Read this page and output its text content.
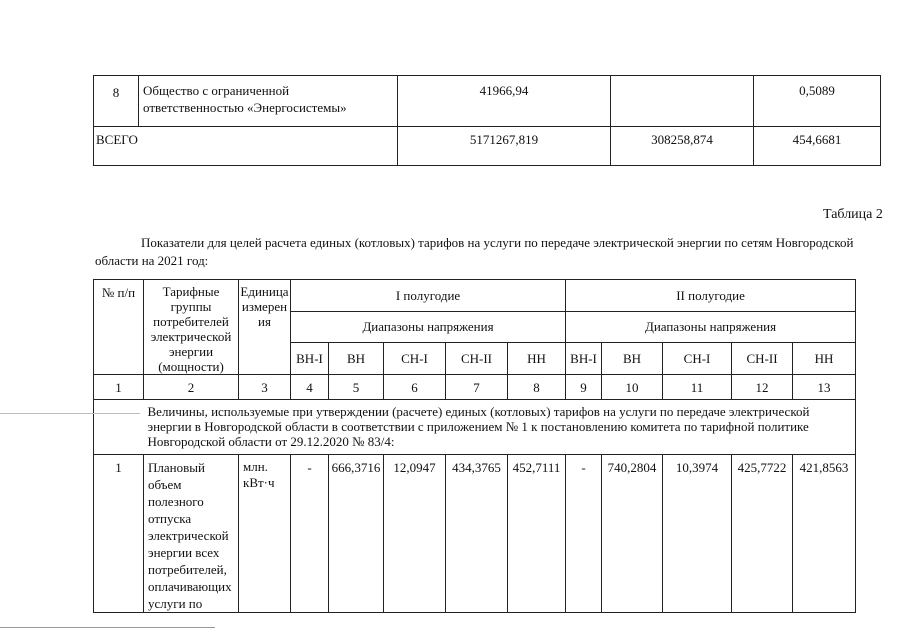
8	Общество с ограниченной
ответственностью «Энергосистемы»	41966,94		0,5089
ВСЕГО		5171267,819	308258,874	454,6681
Таблица 2
Показатели для целей расчета единых (котловых) тарифов на услуги по передаче электрической энергии по сетям Новгородской области на 2021 год:
№ п/п	Тарифные группы потребителей электрической энергии (мощности)	Единица измерения	I полугодие					II полугодие				
			Диапазоны напряжения					Диапазоны напряжения				
			ВН-I	ВН	СН-I	СН-II	НН	ВН-I	ВН	СН-I	СН-II	НН
1	2	3	4	5	6	7	8	9	10	11	12	13
	Величины, используемые при утверждении (расчете) единых (котловых) тарифов на услуги по передаче электрической энергии в Новгородской области в соответствии с приложением № 1 к постановлению комитета по тарифной политике Новгородской области от 29.12.2020 № 83/4:											
1	Плановый объем полезного отпуска электрической энергии всех потребителей, оплачивающих услуги по	млн. кВт·ч	-	666,3716	12,0947	434,3765	452,7111	-	740,2804	10,3974	425,7722	421,8563
